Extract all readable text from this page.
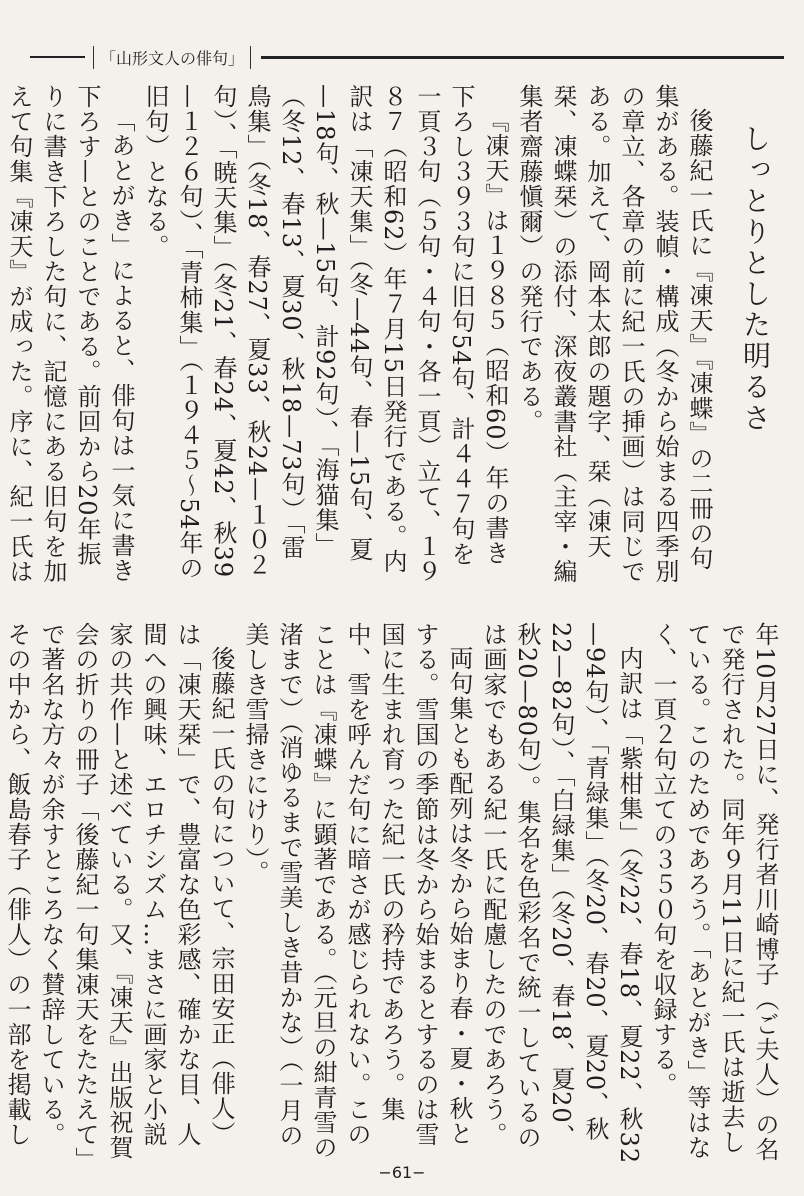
「山形文人の俳句」
しっとりとした明るさ

後藤紀一氏に『凍天』『凍蝶』の二冊の句集がある。装幀・構成（冬から始まる四季別の章立、各章の前に紀一氏の挿画）は同じである。加えて、岡本太郎の題字、栞（凍天栞、凍蝶栞）の添付、深夜叢書社（主宰・編集者齋藤愼爾）の発行である。

『凍天』は１９８５（昭和60）年の書き下ろし３９３句に旧句54句、計４４７句を一頁３句（５句・４句・各一頁）立て、１９８７（昭和62）年７月15日発行である。内訳は「凍天集」（冬—44句、春—15句、夏—18句、秋—15句、計92句）、「海猫集」（冬12、春13、夏30、秋18—73句）「雷鳥集」（冬18、春27、夏33、秋24—１０２句）、「暁天集」（冬21、春24、夏42、秋39—１２６句）、「青柿集」（１９４５〜54年の旧句）となる。

「あとがき」によると、俳句は一気に書き下ろす—とのことである。前回から20年振りに書き下ろした句に、記憶にある旧句を加えて句集『凍天』が成った。序に、紀一氏は

年10月27日に、発行者川崎博子（ご夫人）の名で発行された。同年９月11日に紀一氏は逝去している。このためであろう。「あとがき」等はなく、一頁２句立ての３５０句を収録する。

内訳は「紫柑集」（冬22、春18、夏22、秋32—94句）、「青緑集」（冬20、春20、夏20、秋22—82句）、「白緑集」（冬20、春18、夏20、秋20—80句）。集名を色彩名で統一しているのは画家でもある紀一氏に配慮したのであろう。

両句集とも配列は冬から始まり春・夏・秋とする。雪国の季節は冬から始まるとするのは雪国に生まれ育った紀一氏の矜持であろう。集中、雪を呼んだ句に暗さが感じられない。このことは『凍蝶』に顕著である。（元旦の紺青雪の渚まで）（消ゆるまで雪美しき昔かな）（一月の美しき雪掃きにけり）。

後藤紀一氏の句について、宗田安正（俳人）は「凍天栞」で、豊富な色彩感、確かな目、人間への興味、エロチシズム…まさに画家と小説家の共作—と述べている。又、『凍天』出版祝賀会の折りの冊子「後藤紀一句集凍天をたたえて」で著名な方々が余すところなく賛辞している。その中から、飯島春子（俳人）の一部を掲載し

−61−
